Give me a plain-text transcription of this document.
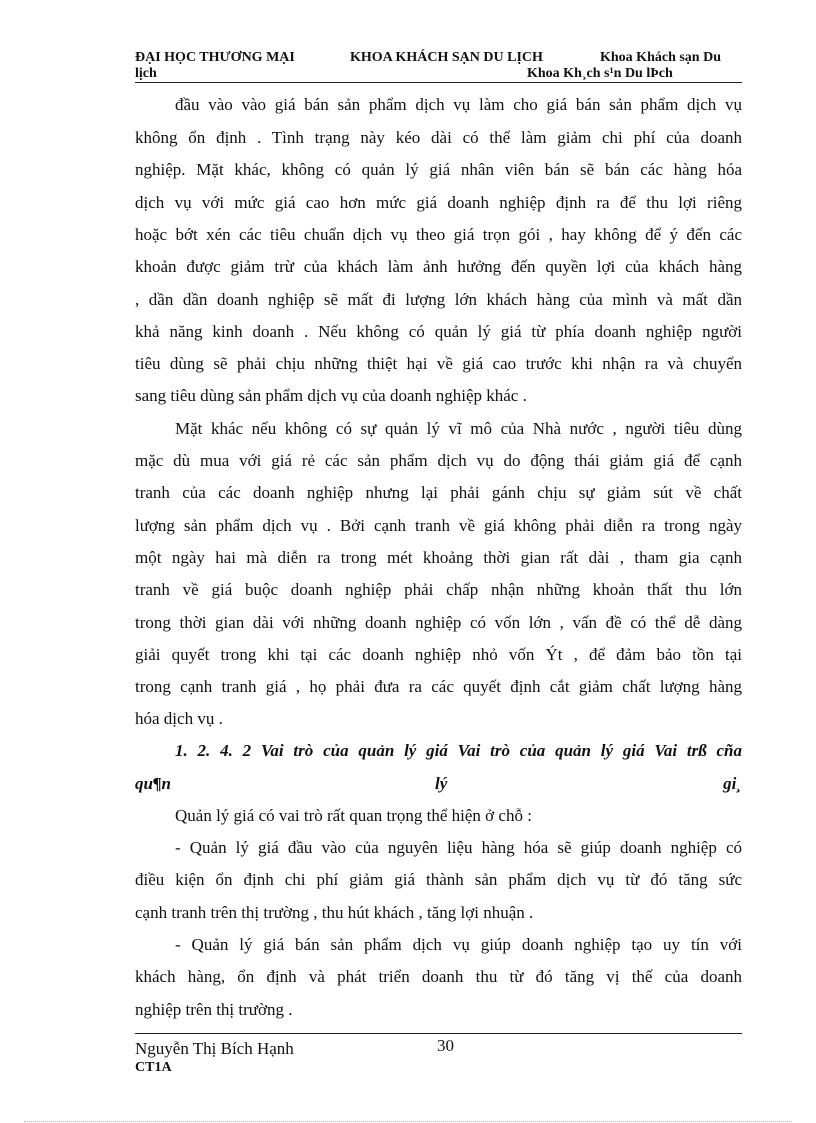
ĐẠI HỌC THƯƠNG MẠI	KHOA KHÁCH SẠN DU LỊCH	Khoa Khách sạn Du
lịch	Khoa Kh¸ch s¹n Du lÞch
đầu vào vào giá bán sản phẩm dịch vụ làm cho giá bán sản phẩm dịch vụ
không ổn định . Tình trạng này kéo dài có thể làm giảm chi phí của doanh
nghiệp. Mặt khác, không có quản lý giá nhân viên bán sẽ bán các hàng hóa
dịch vụ với mức giá cao hơn mức giá doanh nghiệp định ra để thu lợi riêng
hoặc bớt xén các tiêu chuẩn dịch vụ theo giá trọn gói , hay không để ý đến các
khoản được giảm trừ của khách làm ảnh hưởng đến quyền lợi của khách hàng
, dần dần doanh nghiệp sẽ mất đi lượng lớn khách hàng của mình và mất dần
khả năng kinh doanh . Nếu không có quản lý giá từ phía doanh nghiệp người
tiêu dùng sẽ phải chịu những thiệt hại về giá cao trước khi nhận ra và chuyển
sang tiêu dùng sản phẩm dịch vụ của doanh nghiệp khác .
Mặt khác nếu không có sự quản lý vĩ mô của Nhà nước , người tiêu dùng
mặc dù mua với giá rẻ các sản phẩm dịch vụ do động thái giảm giá để cạnh
tranh của các doanh nghiệp nhưng lại phải gánh chịu sự giảm sút về chất
lượng sản phẩm dịch vụ . Bởi cạnh tranh về giá không phải diễn ra trong ngày
một ngày hai mà diễn ra trong mét khoảng thời gian rất dài , tham gia cạnh
tranh về giá buộc doanh nghiệp phải chấp nhận những khoản thất thu lớn
trong thời gian dài với những doanh nghiệp có vốn lớn , vấn đề có thể dễ dàng
giải quyết trong khi tại các doanh nghiệp nhỏ vốn Ýt , để đảm bảo tồn tại
trong cạnh tranh giá , họ phải đưa ra các quyết định cắt giảm chất lượng hàng
hóa dịch vụ .
1. 2. 4. 2 Vai trò của quản lý giá Vai trò của quản lý giá Vai trß cña
qu¶n	lý	gi¸
Quản lý giá có vai trò rất quan trọng thể hiện ở chỗ :
- Quản lý giá đầu vào của nguyên liệu hàng hóa sẽ giúp doanh nghiệp có
điều kiện ổn định chi phí giảm giá thành sản phẩm dịch vụ từ đó tăng sức
cạnh tranh trên thị trường , thu hút khách , tăng lợi nhuận .
- Quản lý giá bán sản phẩm dịch vụ giúp doanh nghiệp tạo uy tín với
khách hàng, ổn định và phát triển doanh thu từ đó tăng vị thế của doanh
nghiệp trên thị trường .
Nguyễn Thị Bích Hạnh	30
CT1A
